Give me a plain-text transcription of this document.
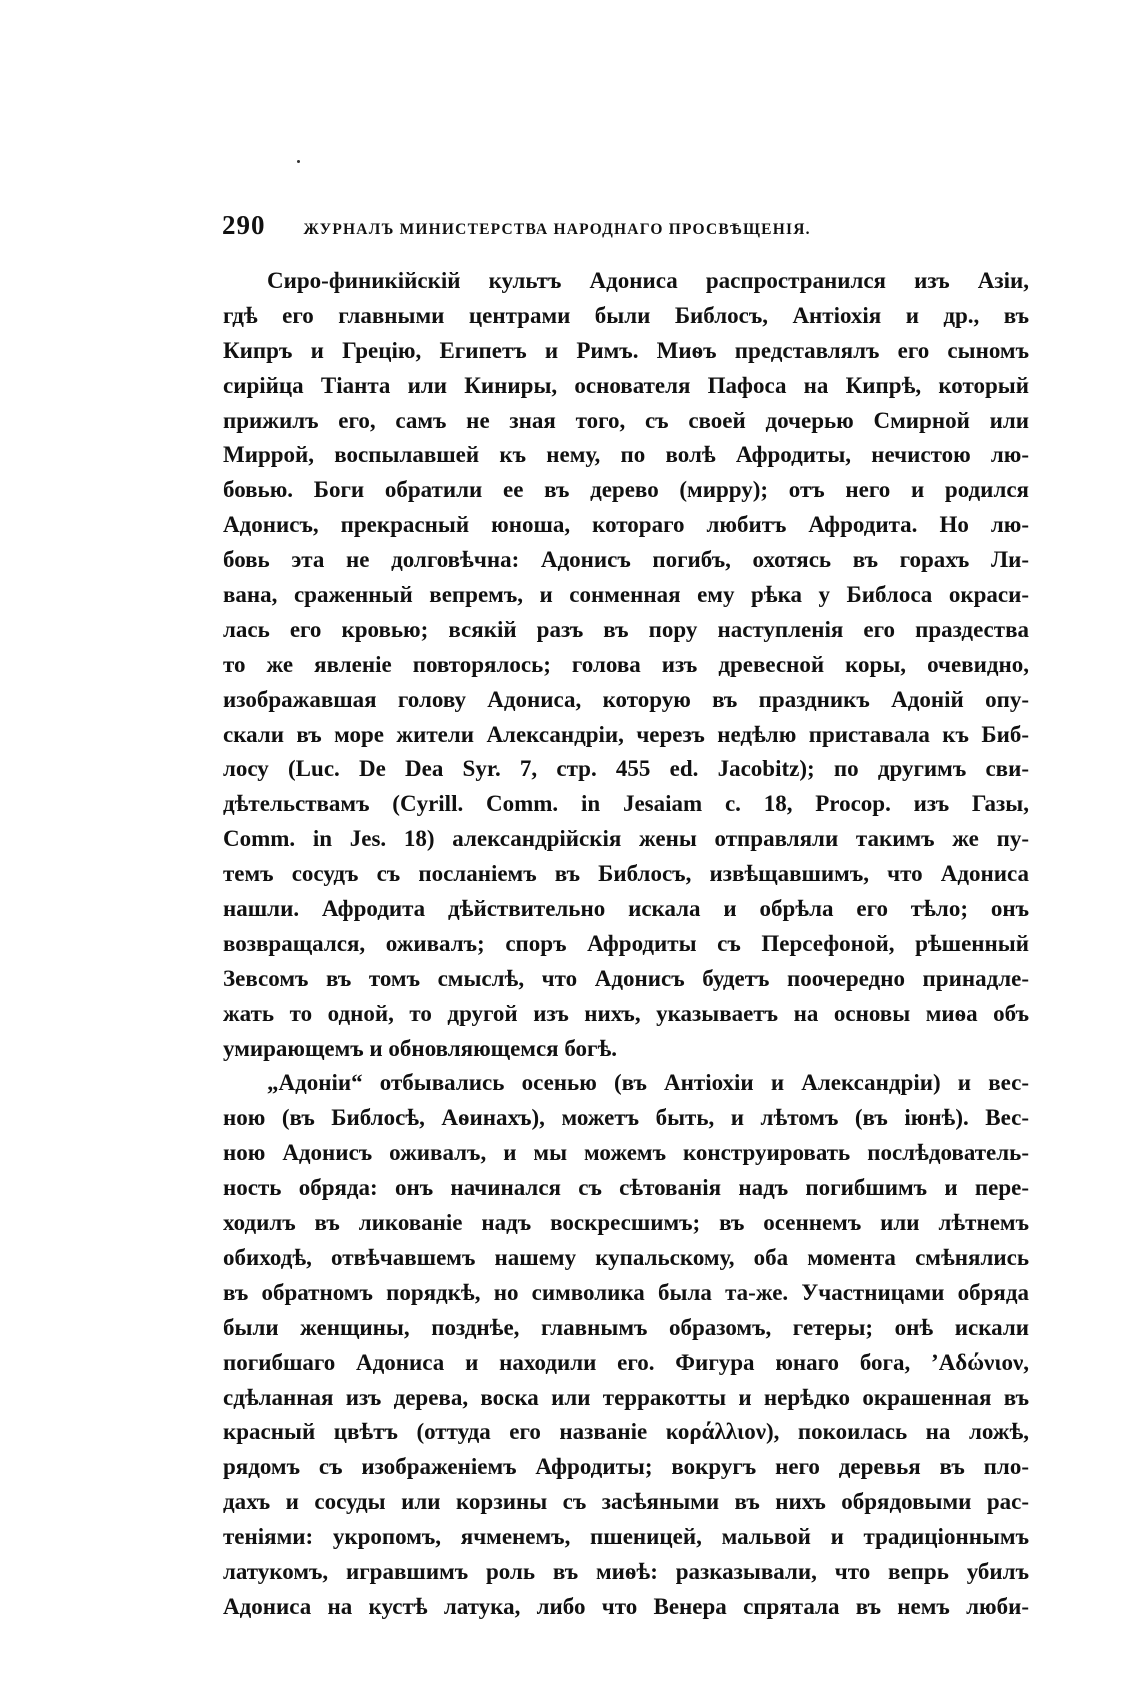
290 ЖУРНАЛЪ МИНИСТЕРСТВА НАРОДНАГО ПРОСВѢЩЕНІЯ.
Сиро-финикійскій культъ Адониса распространился изъ Азіи,
гдѣ его главными центрами были Библосъ, Антіохія и др., въ
Кипръ и Грецію, Египетъ и Римъ. Миѳъ представлялъ его сыномъ
сирійца Тіанта или Киниры, основателя Пафоса на Кипрѣ, который
прижилъ его, самъ не зная того, съ своей дочерью Смирной или
Миррой, воспылавшей къ нему, по волѣ Афродиты, нечистою лю-
бовью. Боги обратили ее въ дерево (мирру); отъ него и родился
Адонисъ, прекрасный юноша, котораго любитъ Афродита. Но лю-
бовь эта не долговѣчна: Адонисъ погибъ, охотясь въ горахъ Ли-
вана, сраженный вепремъ, и сонменная ему рѣка у Библоса окраси-
лась его кровью; всякій разъ въ пору наступленія его праздества
то же явленіе повторялось; голова изъ древесной коры, очевидно,
изображавшая голову Адониса, которую въ праздникъ Адоній опу-
скали въ море жители Александріи, черезъ недѣлю приставала къ Биб-
лосу (Luc. De Dea Syr. 7, стр. 455 ed. Jacobitz); по другимъ сви-
дѣтельствамъ (Cyrill. Comm. in Jesaiam c. 18, Procop. изъ Газы,
Comm. in Jes. 18) александрійскія жены отправляли такимъ же пу-
темъ сосудъ съ посланіемъ въ Библосъ, извѣщавшимъ, что Адониса
нашли. Афродита дѣйствительно искала и обрѣла его тѣло; онъ
возвращался, оживалъ; споръ Афродиты съ Персефоной, рѣшенный
Зевсомъ въ томъ смыслѣ, что Адонисъ будетъ поочередно принадле-
жать то одной, то другой изъ нихъ, указываетъ на основы миѳа объ
умирающемъ и обновляющемся богѣ.
„Адоніи“ отбывались осенью (въ Антіохіи и Александріи) и вес-
ною (въ Библосѣ, Аѳинахъ), можетъ быть, и лѣтомъ (въ іюнѣ). Вес-
ною Адонисъ оживалъ, и мы можемъ конструировать послѣдователь-
ность обряда: онъ начинался съ сѣтованія надъ погибшимъ и пере-
ходилъ въ ликованіе надъ воскресшимъ; въ осеннемъ или лѣтнемъ
обиходѣ, отвѣчавшемъ нашему купальскому, оба момента смѣнялись
въ обратномъ порядкѣ, но символика была та-же. Участницами обряда
были женщины, позднѣе, главнымъ образомъ, гетеры; онѣ искали
погибшаго Адониса и находили его. Фигура юнаго бога, ’Αδώνιον,
сдѣланная изъ дерева, воска или терракотты и нерѣдко окрашенная въ
красный цвѣтъ (оттуда его названіе κοράλλιον), покоилась на ложѣ,
рядомъ съ изображеніемъ Афродиты; вокругъ него деревья въ пло-
дахъ и сосуды или корзины съ засѣяными въ нихъ обрядовыми рас-
теніями: укропомъ, ячменемъ, пшеницей, мальвой и традиціоннымъ
латукомъ, игравшимъ роль въ миѳѣ: разказывали, что вепрь убилъ
Адониса на кустѣ латука, либо что Венера спрятала въ немъ люби-
